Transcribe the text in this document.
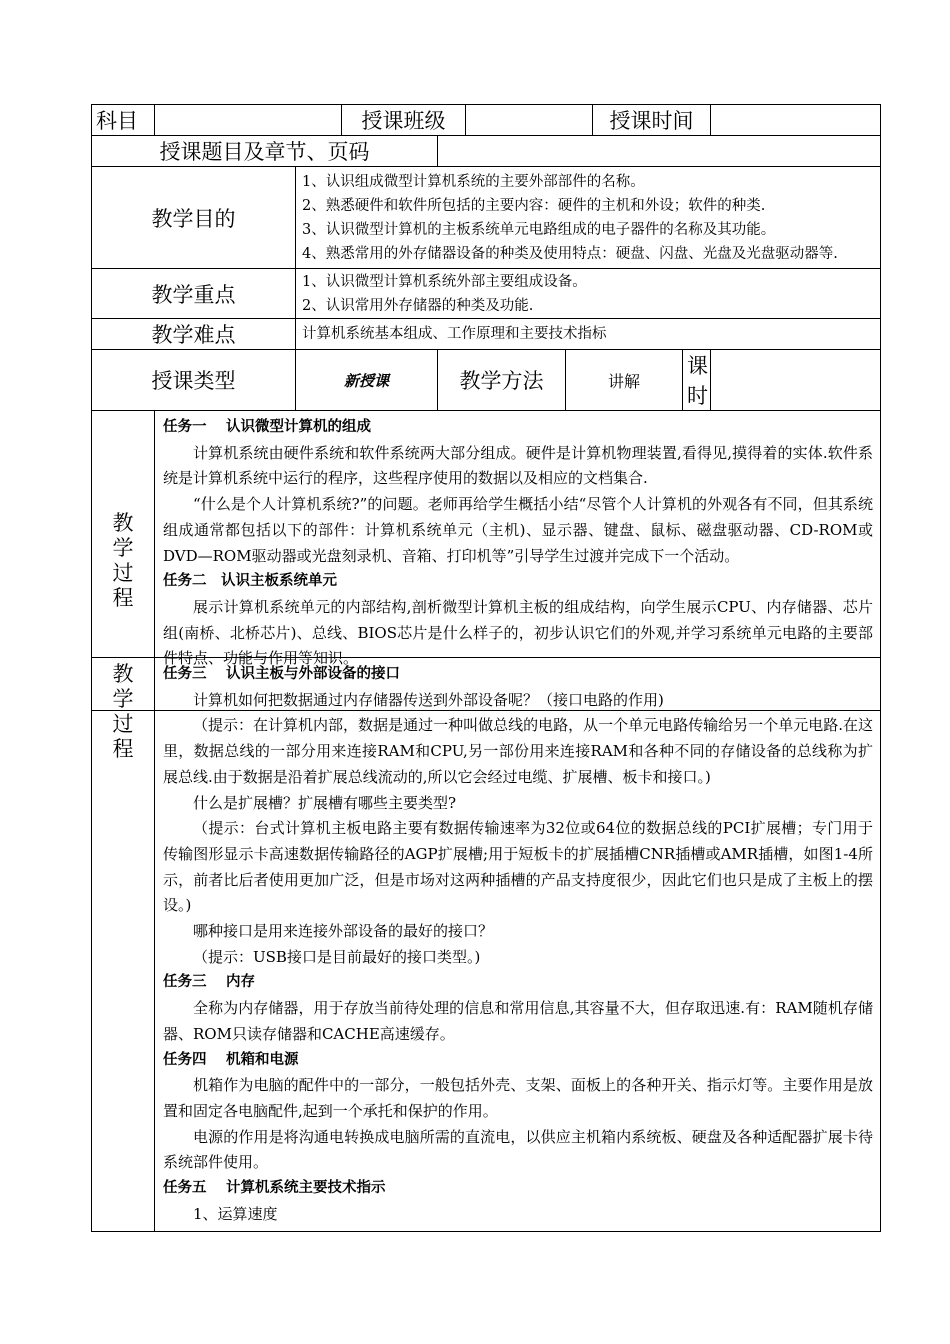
科目			授课班级				授课时间		
授课题目及章节、页码									
教学目的		1、认识组成微型计算机系统的主要外部部件的名称。
2、熟悉硬件和软件所包括的主要内容：硬件的主机和外设；软件的种类.
3、认识微型计算机的主板系统单元电路组成的电子器件的名称及其功能。
4、熟悉常用的外存储器设备的种类及使用特点：硬盘、闪盘、光盘及光盘驱动器等.							

教学重点		1、认识微型计算机系统外部主要组成设备。
2、认识常用外存储器的种类及功能.							

教学难点		计算机系统基本组成、工作原理和主要技术指标							
授课类型		新授课		教学方法		讲解		课时	

教学过程	任务一　 认识微型计算机的组成

计算机系统由硬件系统和软件系统两大部分组成。硬件是计算机物理装置,看得见,摸得着的实体.软件系统是计算机系统中运行的程序，这些程序使用的数据以及相应的文档集合.

“什么是个人计算机系统?”的问题。老师再给学生概括小结“尽管个人计算机的外观各有不同，但其系统组成通常都包括以下的部件：计算机系统单元（主机)、显示器、键盘、鼠标、磁盘驱动器、CD-ROM或DVD—ROM驱动器或光盘刻录机、音箱、打印机等”引导学生过渡并完成下一个活动。

任务二　认识主板系统单元

展示计算机系统单元的内部结构,剖析微型计算机主板的组成结构，向学生展示CPU、内存储器、芯片组(南桥、北桥芯片)、总线、BIOS芯片是什么样子的，初步认识它们的外观,并学习系统单元电路的主要部件特点、功能与作用等知识。								

教学过程

任务三　 认识主板与外部设备的接口

计算机如何把数据通过内存储器传送到外部设备呢？（接口电路的作用)

（提示：在计算机内部，数据是通过一种叫做总线的电路，从一个单元电路传输给另一个单元电路.在这里，数据总线的一部分用来连接RAM和CPU,另一部份用来连接RAM和各种不同的存储设备的总线称为扩展总线.由于数据是沿着扩展总线流动的,所以它会经过电缆、扩展槽、板卡和接口。)

什么是扩展槽？扩展槽有哪些主要类型?

（提示：台式计算机主板电路主要有数据传输速率为32位或64位的数据总线的PCI扩展槽；专门用于传输图形显示卡高速数据传输路径的AGP扩展槽;用于短板卡的扩展插槽CNR插槽或AMR插槽，如图1-4所示，前者比后者使用更加广泛，但是市场对这两种插槽的产品支持度很少，因此它们也只是成了主板上的摆设。)

哪种接口是用来连接外部设备的最好的接口？

（提示：USB接口是目前最好的接口类型。)

任务三　 内存

全称为内存储器，用于存放当前待处理的信息和常用信息,其容量不大，但存取迅速.有：RAM随机存储器、ROM只读存储器和CACHE高速缓存。

任务四　 机箱和电源

机箱作为电脑的配件中的一部分，一般包括外壳、支架、面板上的各种开关、指示灯等。主要作用是放置和固定各电脑配件,起到一个承托和保护的作用。

电源的作用是将沟通电转换成电脑所需的直流电，以供应主机箱内系统板、硬盘及各种适配器扩展卡待系统部件使用。

任务五　 计算机系统主要技术指示

1、运算速度
